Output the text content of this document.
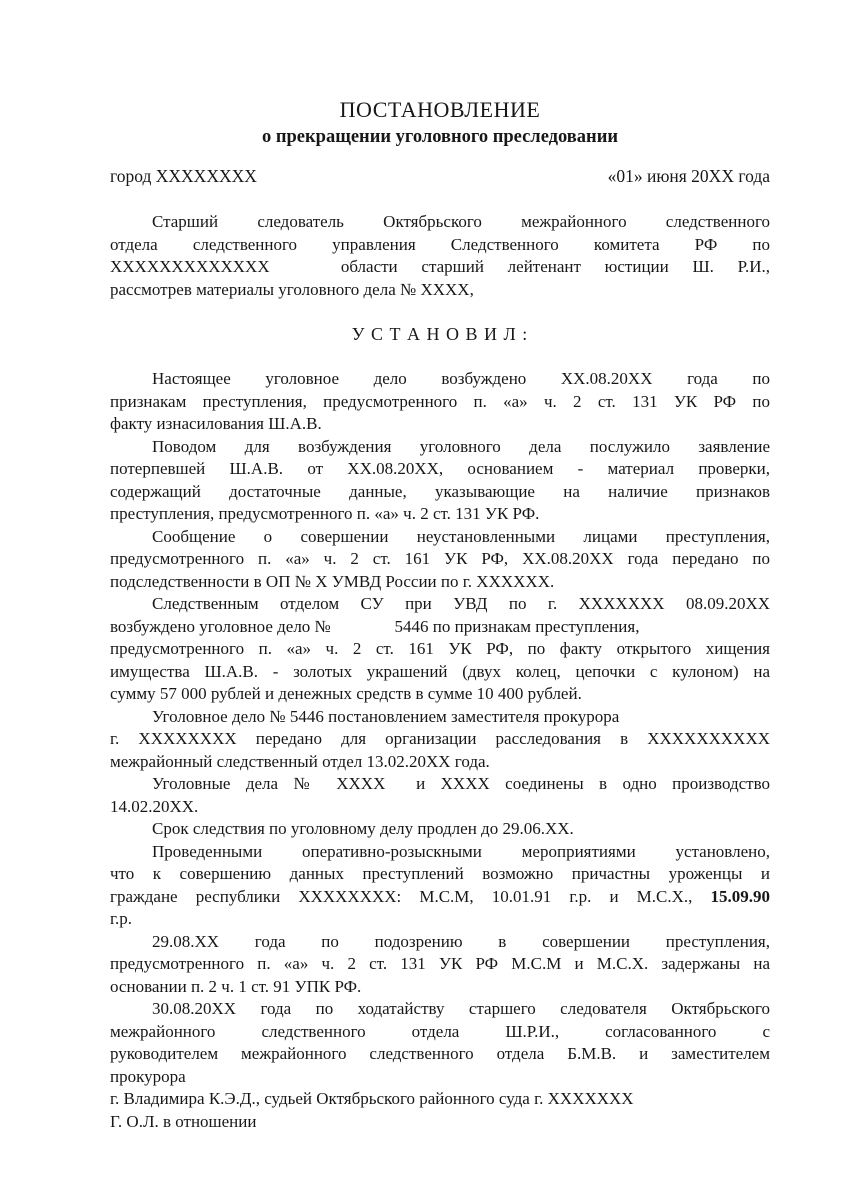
ПОСТАНОВЛЕНИЕ
о прекращении уголовного преследовании
город XXXXXXXX	«01» июня 20XX года
Старший следователь Октябрьского межрайонного следственного
отдела следственного управления Следственного комитета РФ по
XXXXXXXXXXXXX   области старший лейтенант юстиции Ш. Р.И.,
рассмотрев материалы уголовного дела № XXXX,
У С Т А Н О В И Л :
Настоящее уголовное дело возбуждено XX.08.20XX года по
признакам преступления, предусмотренного п. «а» ч. 2 ст. 131 УК РФ по
факту изнасилования Ш.А.В.
Поводом для возбуждения уголовного дела послужило заявление
потерпевшей Ш.А.В. от XX.08.20XX, основанием - материал проверки,
содержащий достаточные данные, указывающие на наличие признаков
преступления, предусмотренного п. «а» ч. 2 ст. 131 УК РФ.
Сообщение о совершении неустановленными лицами преступления,
предусмотренного п. «а» ч. 2 ст. 161 УК РФ, XX.08.20XX года передано по
подследственности в ОП № X УМВД России по г. XXXXXX.
Следственным отделом СУ при УВД по г. XXXXXXX 08.09.20XX
возбуждено уголовное дело №               5446 по признакам преступления,
предусмотренного п. «а» ч. 2 ст. 161 УК РФ, по факту открытого хищения
имущества Ш.А.В. - золотых украшений (двух колец, цепочки с кулоном) на
сумму 57 000 рублей и денежных средств в сумме 10 400 рублей.
Уголовное дело № 5446 постановлением заместителя прокурора
г. XXXXXXXX передано для организации расследования в XXXXXXXXXX
межрайонный следственный отдел 13.02.20XX года.
Уголовные дела № XXXX  и XXXX соединены в одно производство
14.02.20XX.
Срок следствия по уголовному делу продлен до 29.06.XX.
Проведенными оперативно-розыскными мероприятиями установлено,
что к совершению данных преступлений возможно причастны уроженцы и
граждане республики XXXXXXXX: М.С.М, 10.01.91 г.р. и М.С.Х., 15.09.90
г.р.
29.08.XX года по подозрению в совершении преступления,
предусмотренного п. «а» ч. 2 ст. 131 УК РФ М.С.М и М.С.Х. задержаны на
основании п. 2 ч. 1 ст. 91 УПК РФ.
30.08.20XX года по ходатайству старшего следователя Октябрьского
межрайонного следственного отдела Ш.Р.И., согласованного с
руководителем межрайонного следственного отдела Б.М.В. и заместителем
прокурора
г. Владимира К.Э.Д., судьей Октябрьского районного суда г. XXXXXXX
Г. О.Л. в отношении
